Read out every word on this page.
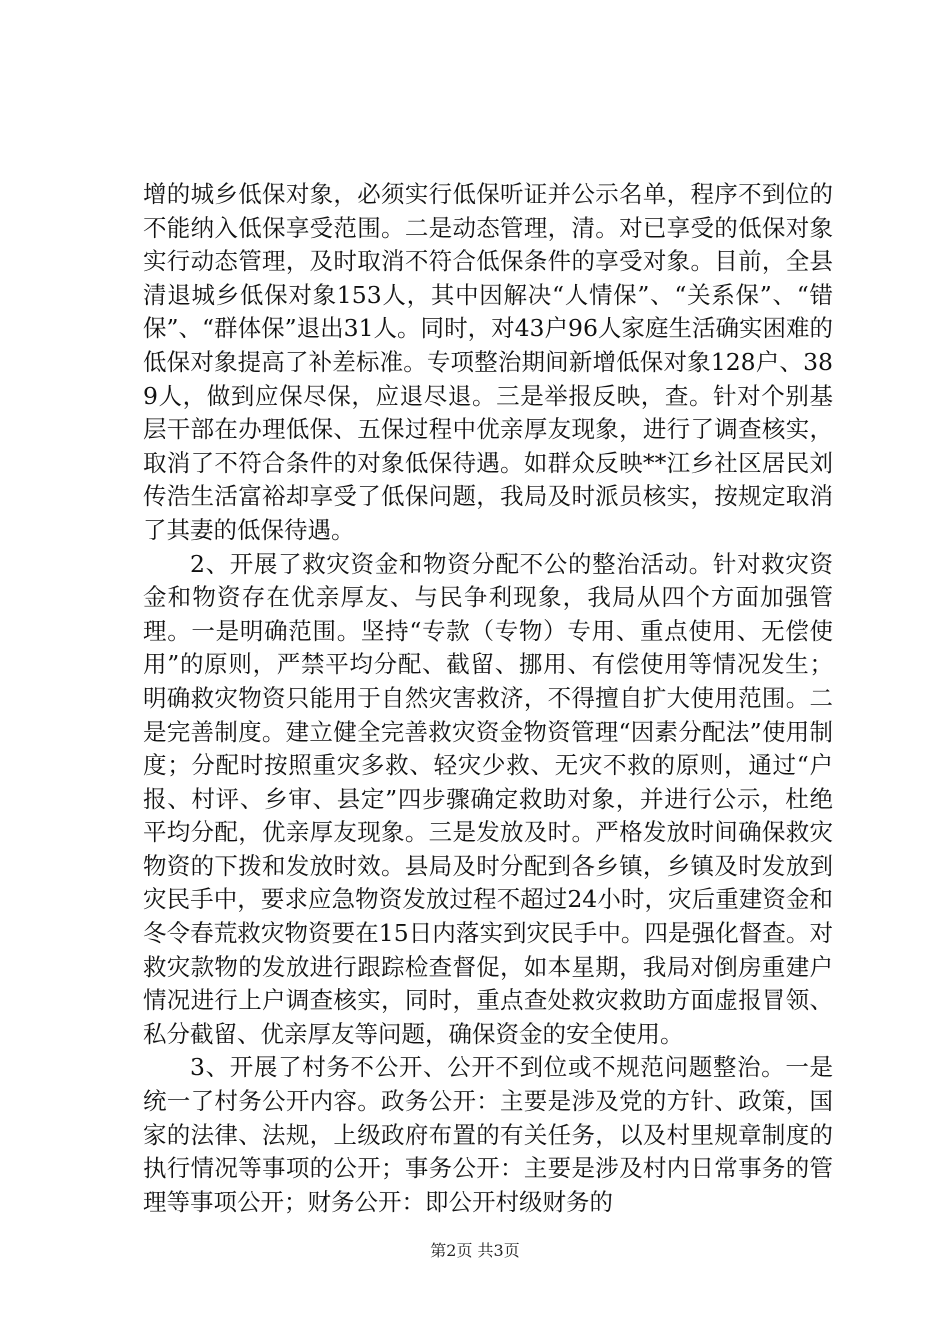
增的城乡低保对象，必须实行低保听证并公示名单，程序不到位的不能纳入低保享受范围。二是动态管理，清。对已享受的低保对象实行动态管理，及时取消不符合低保条件的享受对象。目前，全县清退城乡低保对象153人，其中因解决“人情保”、“关系保”、“错保”、“群体保”退出31人。同时，对43户96人家庭生活确实困难的低保对象提高了补差标准。专项整治期间新增低保对象128户、389人，做到应保尽保，应退尽退。三是举报反映，查。针对个别基层干部在办理低保、五保过程中优亲厚友现象，进行了调查核实，取消了不符合条件的对象低保待遇。如群众反映**江乡社区居民刘传浩生活富裕却享受了低保问题，我局及时派员核实，按规定取消了其妻的低保待遇。

2、开展了救灾资金和物资分配不公的整治活动。针对救灾资金和物资存在优亲厚友、与民争利现象，我局从四个方面加强管理。一是明确范围。坚持“专款（专物）专用、重点使用、无偿使用”的原则，严禁平均分配、截留、挪用、有偿使用等情况发生；明确救灾物资只能用于自然灾害救济，不得擅自扩大使用范围。二是完善制度。建立健全完善救灾资金物资管理“因素分配法”使用制度；分配时按照重灾多救、轻灾少救、无灾不救的原则，通过“户报、村评、乡审、县定”四步骤确定救助对象，并进行公示，杜绝平均分配，优亲厚友现象。三是发放及时。严格发放时间确保救灾物资的下拨和发放时效。县局及时分配到各乡镇，乡镇及时发放到灾民手中，要求应急物资发放过程不超过24小时，灾后重建资金和冬令春荒救灾物资要在15日内落实到灾民手中。四是强化督查。对救灾款物的发放进行跟踪检查督促，如本星期，我局对倒房重建户情况进行上户调查核实，同时，重点查处救灾救助方面虚报冒领、私分截留、优亲厚友等问题，确保资金的安全使用。

3、开展了村务不公开、公开不到位或不规范问题整治。一是统一了村务公开内容。政务公开：主要是涉及党的方针、政策，国家的法律、法规，上级政府布置的有关任务，以及村里规章制度的执行情况等事项的公开；事务公开：主要是涉及村内日常事务的管理等事项公开；财务公开：即公开村级财务的

第2页 共3页
